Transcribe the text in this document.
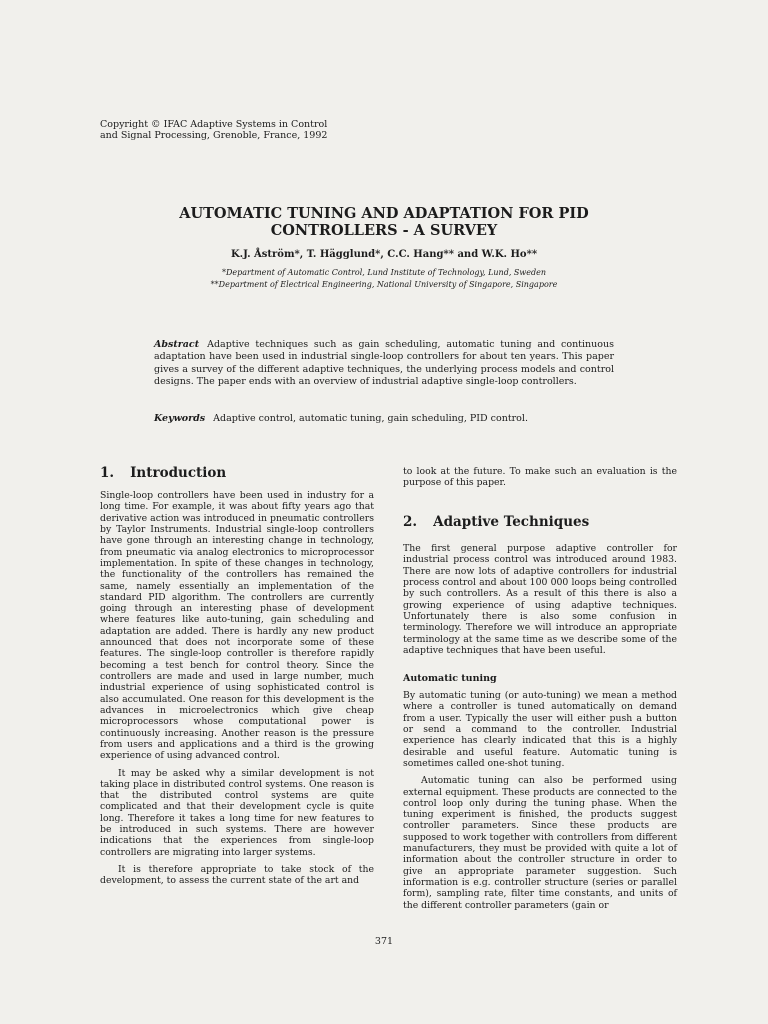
Copyright © IFAC Adaptive Systems in Control
and Signal Processing, Grenoble, France, 1992
AUTOMATIC TUNING AND ADAPTATION FOR PID
CONTROLLERS - A SURVEY
K.J. Åström*, T. Hägglund*, C.C. Hang** and W.K. Ho**
*Department of Automatic Control, Lund Institute of Technology, Lund, Sweden
**Department of Electrical Engineering, National University of Singapore, Singapore
Abstract Adaptive techniques such as gain scheduling, automatic tuning and continuous adaptation have been used in industrial single-loop controllers for about ten years. This paper gives a survey of the different adaptive techniques, the underlying process models and control designs. The paper ends with an overview of industrial adaptive single-loop controllers.
Keywords Adaptive control, automatic tuning, gain scheduling, PID control.
1. Introduction

Single-loop controllers have been used in industry for a long time. For example, it was about fifty years ago that derivative action was introduced in pneumatic controllers by Taylor Instruments. Industrial single-loop controllers have gone through an interesting change in technology, from pneumatic via analog electronics to microprocessor implementation. In spite of these changes in technology, the functionality of the controllers has remained the same, namely essentially an implementation of the standard PID algorithm. The controllers are currently going through an interesting phase of development where features like auto-tuning, gain scheduling and adaptation are added. There is hardly any new product announced that does not incorporate some of these features. The single-loop controller is therefore rapidly becoming a test bench for control theory. Since the controllers are made and used in large number, much industrial experience of using sophisticated control is also accumulated. One reason for this development is the advances in microelectronics which give cheap microprocessors whose computational power is continuously increasing. Another reason is the pressure from users and applications and a third is the growing experience of using advanced control.

It may be asked why a similar development is not taking place in distributed control systems. One reason is that the distributed control systems are quite complicated and that their development cycle is quite long. Therefore it takes a long time for new features to be introduced in such systems. There are however indications that the experiences from single-loop controllers are migrating into larger systems.

It is therefore appropriate to take stock of the development, to assess the current state of the art and

to look at the future. To make such an evaluation is the purpose of this paper.

2. Adaptive Techniques

The first general purpose adaptive controller for industrial process control was introduced around 1983. There are now lots of adaptive controllers for industrial process control and about 100 000 loops being controlled by such controllers. As a result of this there is also a growing experience of using adaptive techniques. Unfortunately there is also some confusion in terminology. Therefore we will introduce an appropriate terminology at the same time as we describe some of the adaptive techniques that have been useful.

Automatic tuning

By automatic tuning (or auto-tuning) we mean a method where a controller is tuned automatically on demand from a user. Typically the user will either push a button or send a command to the controller. Industrial experience has clearly indicated that this is a highly desirable and useful feature. Automatic tuning is sometimes called one-shot tuning.

Automatic tuning can also be performed using external equipment. These products are connected to the control loop only during the tuning phase. When the tuning experiment is finished, the products suggest controller parameters. Since these products are supposed to work together with controllers from different manufacturers, they must be provided with quite a lot of information about the controller structure in order to give an appropriate parameter suggestion. Such information is e.g. controller structure (series or parallel form), sampling rate, filter time constants, and units of the different controller parameters (gain or

371
